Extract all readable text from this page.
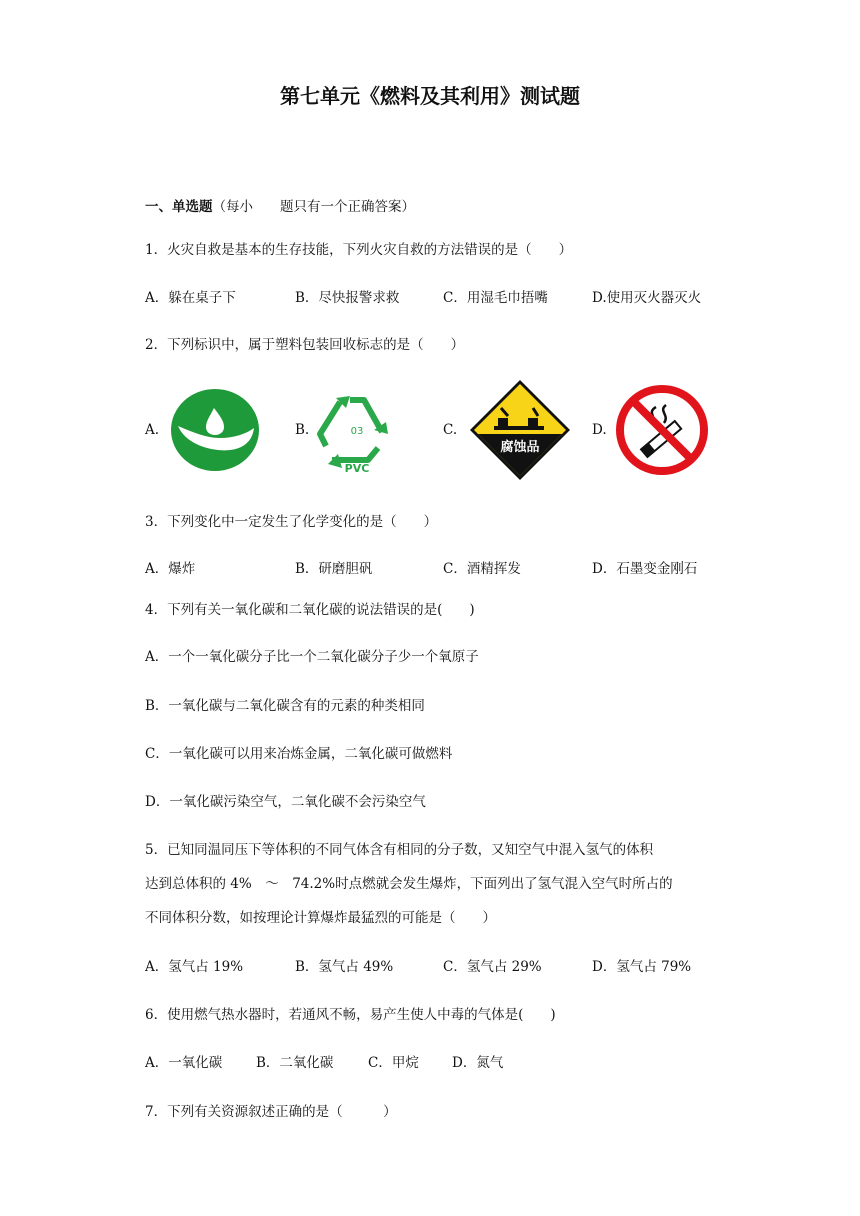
第七单元《燃料及其利用》测试题
一、单选题（每小　　题只有一个正确答案）
1．火灾自救是基本的生存技能，下列火灾自救的方法错误的是（　　）
A．躲在桌子下	B．尽快报警求救	C．用湿毛巾捂嘴	D.使用灭火器灭火
2．下列标识中，属于塑料包装回收标志的是（　　）
A.	B.	03
PVC
C.
腐蚀品
D.
3．下列变化中一定发生了化学变化的是（　　）
A．爆炸	B．研磨胆矾	C．酒精挥发	D．石墨变金刚石
4．下列有关一氧化碳和二氧化碳的说法错误的是(　　)
A．一个一氧化碳分子比一个二氧化碳分子少一个氧原子
B．一氧化碳与二氧化碳含有的元素的种类相同
C．一氧化碳可以用来冶炼金属，二氧化碳可做燃料
D．一氧化碳污染空气，二氧化碳不会污染空气
5．已知同温同压下等体积的不同气体含有相同的分子数，又知空气中混入氢气的体积
达到总体积的 4%　～　74.2%时点燃就会发生爆炸，下面列出了氢气混入空气时所占的
不同体积分数，如按理论计算爆炸最猛烈的可能是（　　）
A．氢气占 19%	B．氢气占 49%	C．氢气占 29%	D．氢气占 79%
6．使用燃气热水器时，若通风不畅，易产生使人中毒的气体是(　　)
A．一氧化碳	B．二氧化碳	C．甲烷 D．氮气
7．下列有关资源叙述正确的是（　　　）
